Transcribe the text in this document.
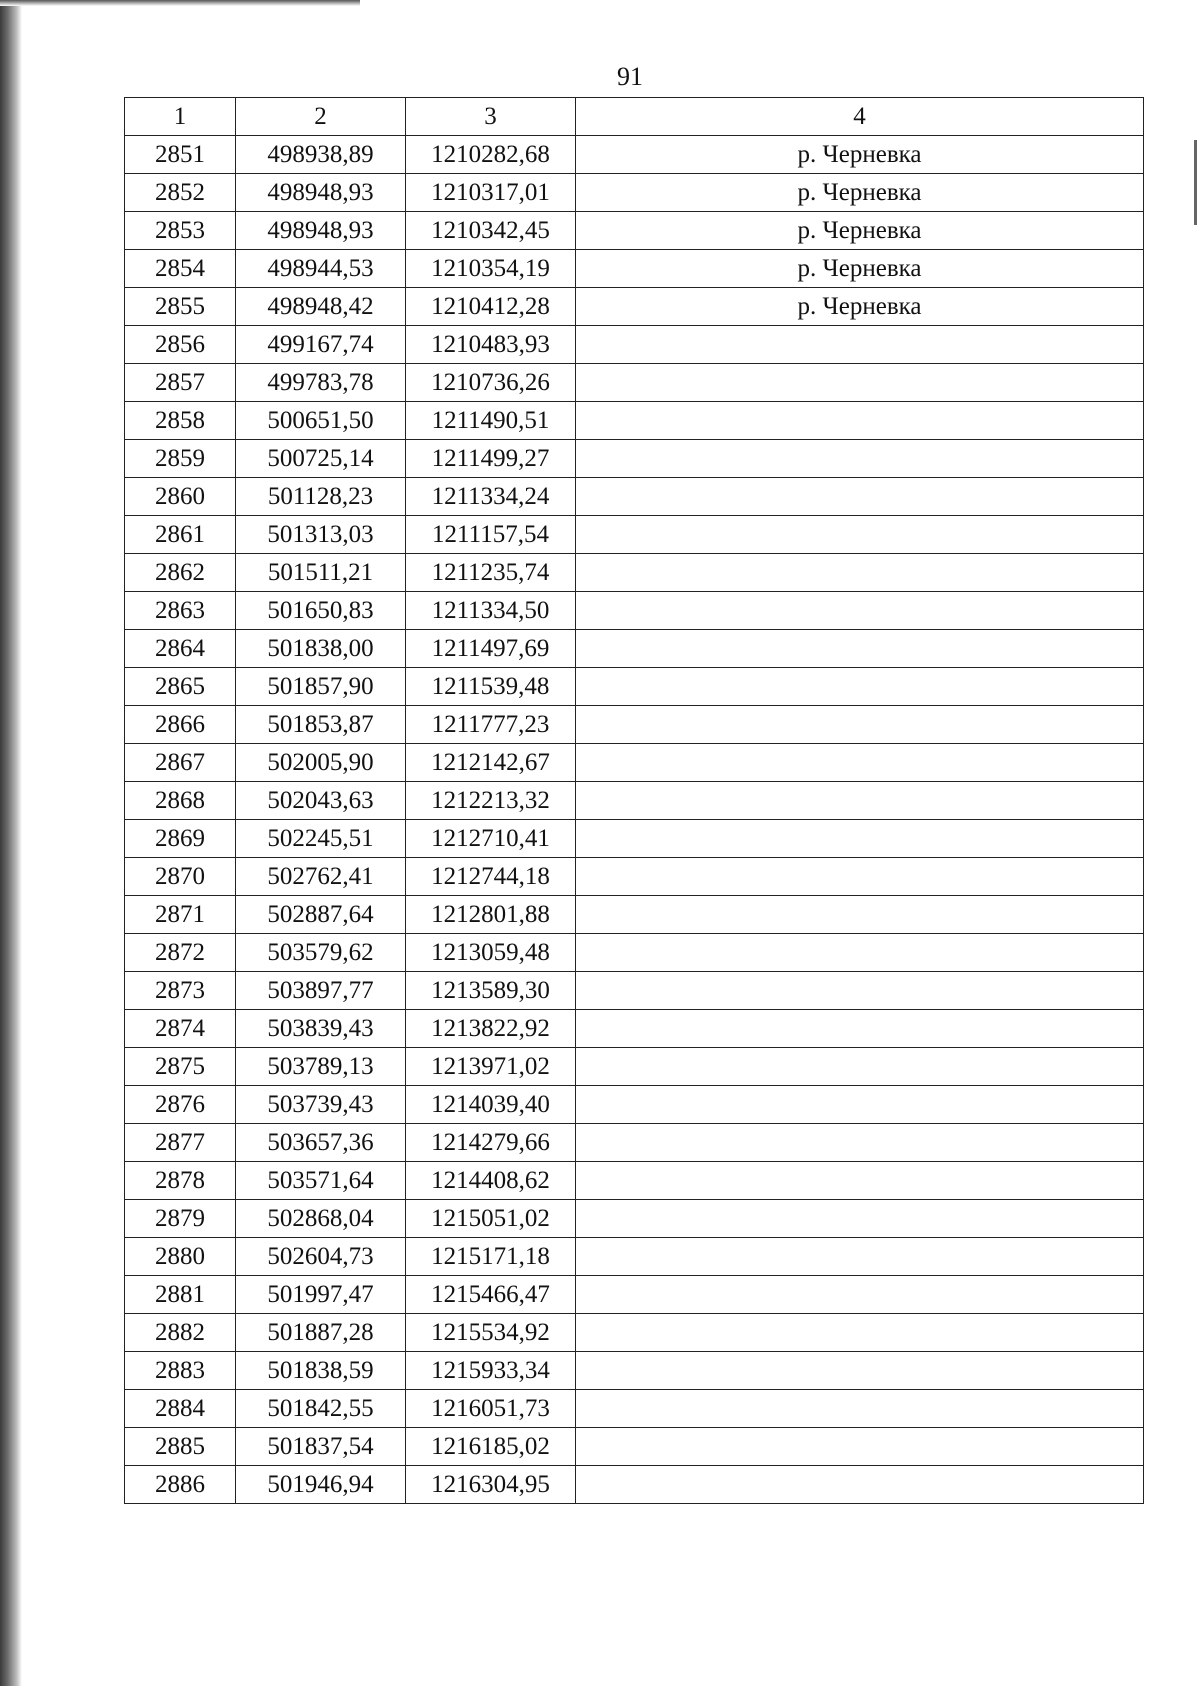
91
1	2	3	4
2851	498938,89	1210282,68	р. Черневка
2852	498948,93	1210317,01	р. Черневка
2853	498948,93	1210342,45	р. Черневка
2854	498944,53	1210354,19	р. Черневка
2855	498948,42	1210412,28	р. Черневка
2856	499167,74	1210483,93	
2857	499783,78	1210736,26	
2858	500651,50	1211490,51	
2859	500725,14	1211499,27	
2860	501128,23	1211334,24	
2861	501313,03	1211157,54	
2862	501511,21	1211235,74	
2863	501650,83	1211334,50	
2864	501838,00	1211497,69	
2865	501857,90	1211539,48	
2866	501853,87	1211777,23	
2867	502005,90	1212142,67	
2868	502043,63	1212213,32	
2869	502245,51	1212710,41	
2870	502762,41	1212744,18	
2871	502887,64	1212801,88	
2872	503579,62	1213059,48	
2873	503897,77	1213589,30	
2874	503839,43	1213822,92	
2875	503789,13	1213971,02	
2876	503739,43	1214039,40	
2877	503657,36	1214279,66	
2878	503571,64	1214408,62	
2879	502868,04	1215051,02	
2880	502604,73	1215171,18	
2881	501997,47	1215466,47	
2882	501887,28	1215534,92	
2883	501838,59	1215933,34	
2884	501842,55	1216051,73	
2885	501837,54	1216185,02	
2886	501946,94	1216304,95	
